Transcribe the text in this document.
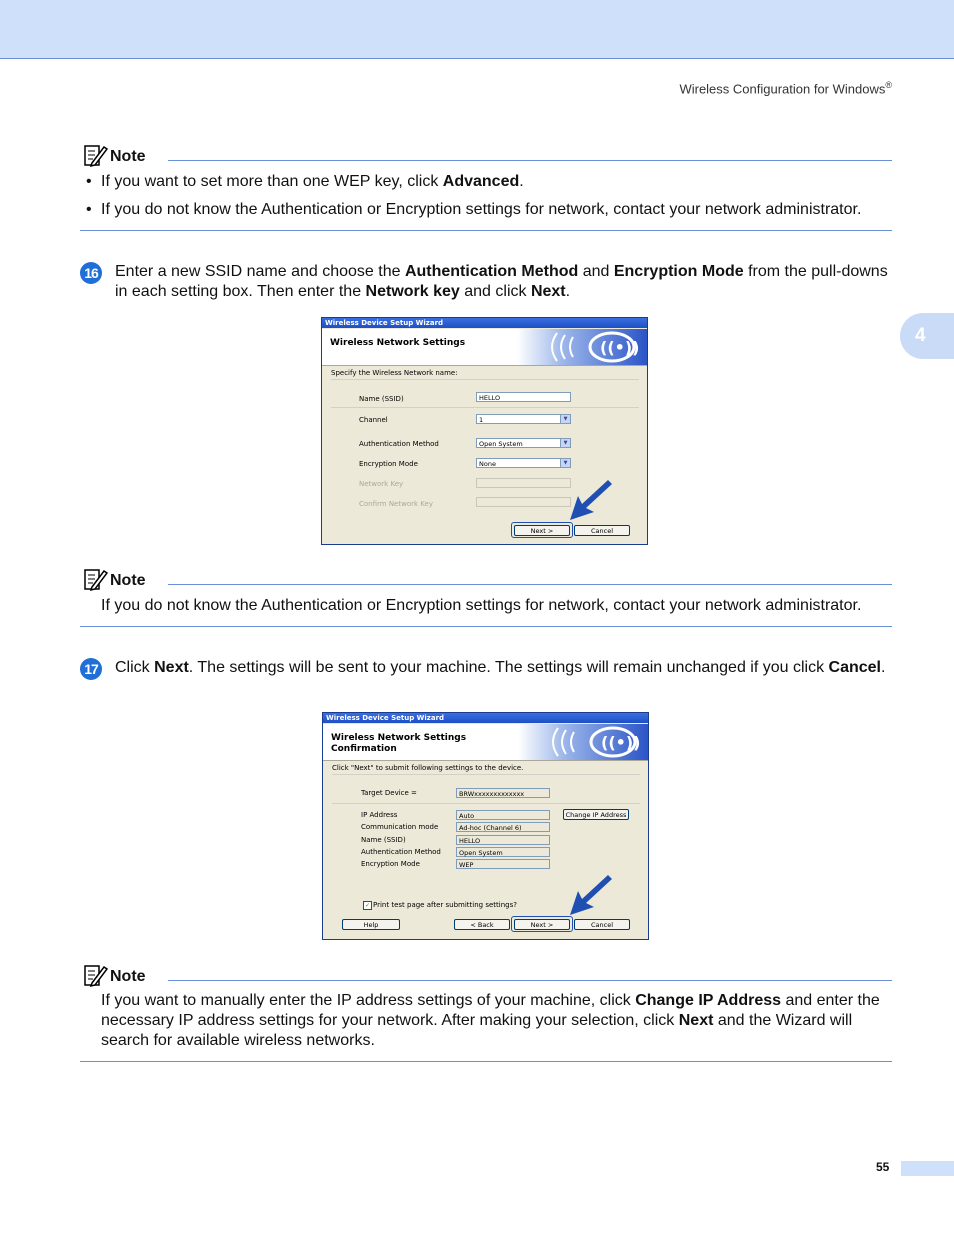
Wireless Configuration for Windows®
4
Note
• If you want to set more than one WEP key, click Advanced.
• If you do not know the Authentication or Encryption settings for network, contact your network administrator.
16	Enter a new SSID name and choose the Authentication Method and Encryption Mode from the pull-downs in each setting box. Then enter the Network key and click Next.
Wireless Device Setup Wizard
Wireless Network Settings	((•))
Specify the Wireless Network name:
Name (SSID)	HELLO
Channel	1	▼
Authentication Method	Open System	▼
Encryption Mode	None	▼
Network Key
Confirm Network Key
Next >	Cancel
Note
If you do not know the Authentication or Encryption settings for network, contact your network administrator.
17	Click Next. The settings will be sent to your machine. The settings will remain unchanged if you click Cancel.
Wireless Device Setup Wizard
Wireless Network Settings
Confirmation	((•))
Click "Next" to submit following settings to the device.
Target Device =	BRWxxxxxxxxxxxxx
IP Address	Auto	Change IP Address
Communication mode	Ad-hoc (Channel 6)
Name (SSID)	HELLO
Authentication Method	Open System
Encryption Mode	WEP
✓ Print test page after submitting settings?
Help	< Back	Next >	Cancel
Note
If you want to manually enter the IP address settings of your machine, click Change IP Address and enter the necessary IP address settings for your network. After making your selection, click Next and the Wizard will search for available wireless networks.
55
